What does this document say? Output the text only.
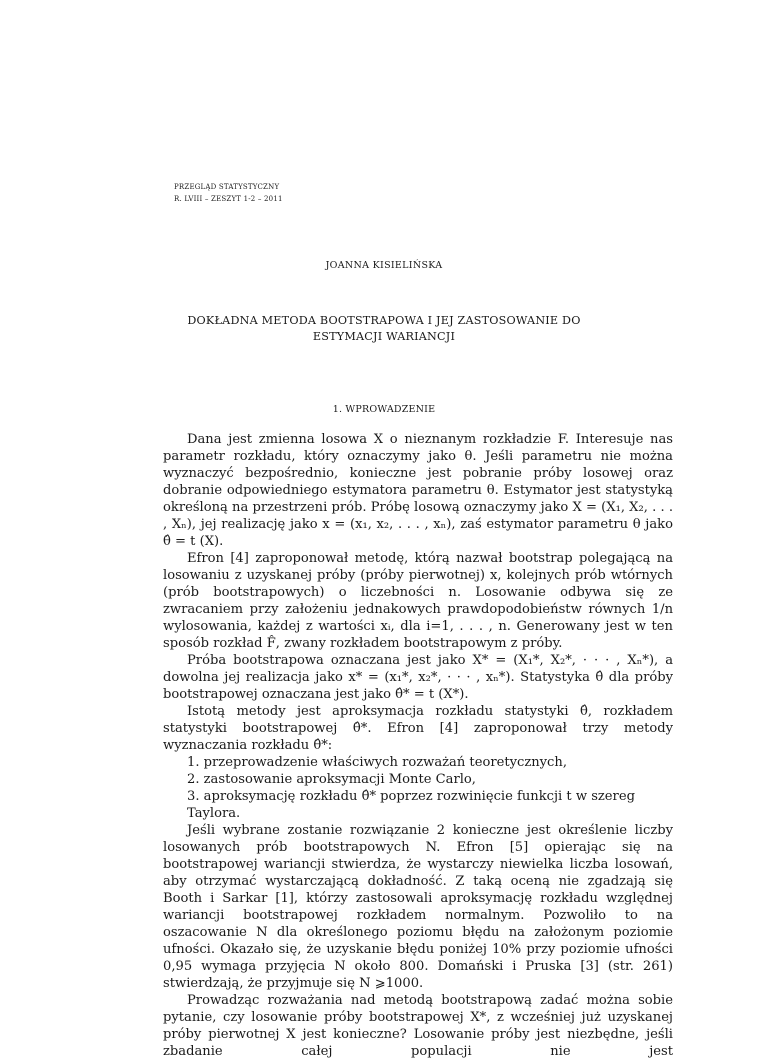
PRZEGLĄD STATYSTYCZNY
R. LVIII – ZESZYT 1-2 – 2011
JOANNA KISIELIŃSKA
DOKŁADNA METODA BOOTSTRAPOWA I JEJ ZASTOSOWANIE DO ESTYMACJI WARIANCJI
1. WPROWADZENIE

Dana jest zmienna losowa X o nieznanym rozkładzie F. Interesuje nas parametr rozkładu, który oznaczymy jako θ. Jeśli parametru nie można wyznaczyć bezpośrednio, konieczne jest pobranie próby losowej oraz dobranie odpowiedniego estymatora parametru θ. Estymator jest statystyką określoną na przestrzeni prób. Próbę losową oznaczymy jako X = (X₁, X₂, . . . , Xₙ), jej realizację jako x = (x₁, x₂, . . . , xₙ), zaś estymator parametru θ jako θ̂ = t (X).

Efron [4] zaproponował metodę, którą nazwał bootstrap polegającą na losowaniu z uzyskanej próby (próby pierwotnej) x, kolejnych prób wtórnych (prób bootstrapowych) o liczebności n. Losowanie odbywa się ze zwracaniem przy założeniu jednakowych prawdopodobieństw równych 1/n wylosowania, każdej z wartości xᵢ, dla i=1, . . . , n. Generowany jest w ten sposób rozkład F̂, zwany rozkładem bootstrapowym z próby.

Próba bootstrapowa oznaczana jest jako X* = (X₁*, X₂*, · · · , Xₙ*), a dowolna jej realizacja jako x* = (x₁*, x₂*, · · · , xₙ*). Statystyka θ̂ dla próby bootstrapowej oznaczana jest jako θ̂* = t (X*).

Istotą metody jest aproksymacja rozkładu statystyki θ̂, rozkładem statystyki bootstrapowej θ̂*. Efron [4] zaproponował trzy metody wyznaczania rozkładu θ̂*:

1. przeprowadzenie właściwych rozważań teoretycznych,

2. zastosowanie aproksymacji Monte Carlo,

3. aproksymację rozkładu θ̂* poprzez rozwinięcie funkcji t w szereg Taylora.

Jeśli wybrane zostanie rozwiązanie 2 konieczne jest określenie liczby losowanych prób bootstrapowych N. Efron [5] opierając się na bootstrapowej wariancji stwierdza, że wystarczy niewielka liczba losowań, aby otrzymać wystarczającą dokładność. Z taką oceną nie zgadzają się Booth i Sarkar [1], którzy zastosowali aproksymację rozkładu względnej wariancji bootstrapowej rozkładem normalnym. Pozwoliło to na oszacowanie N dla określonego poziomu błędu na założonym poziomie ufności. Okazało się, że uzyskanie błędu poniżej 10% przy poziomie ufności 0,95 wymaga przyjęcia N około 800. Domański i Pruska [3] (str. 261) stwierdzają, że przyjmuje się N ⩾1000.

Prowadząc rozważania nad metodą bootstrapową zadać można sobie pytanie, czy losowanie próby bootstrapowej X*, z wcześniej już uzyskanej próby pierwotnej X jest konieczne? Losowanie próby jest niezbędne, jeśli zbadanie całej populacji nie jest
